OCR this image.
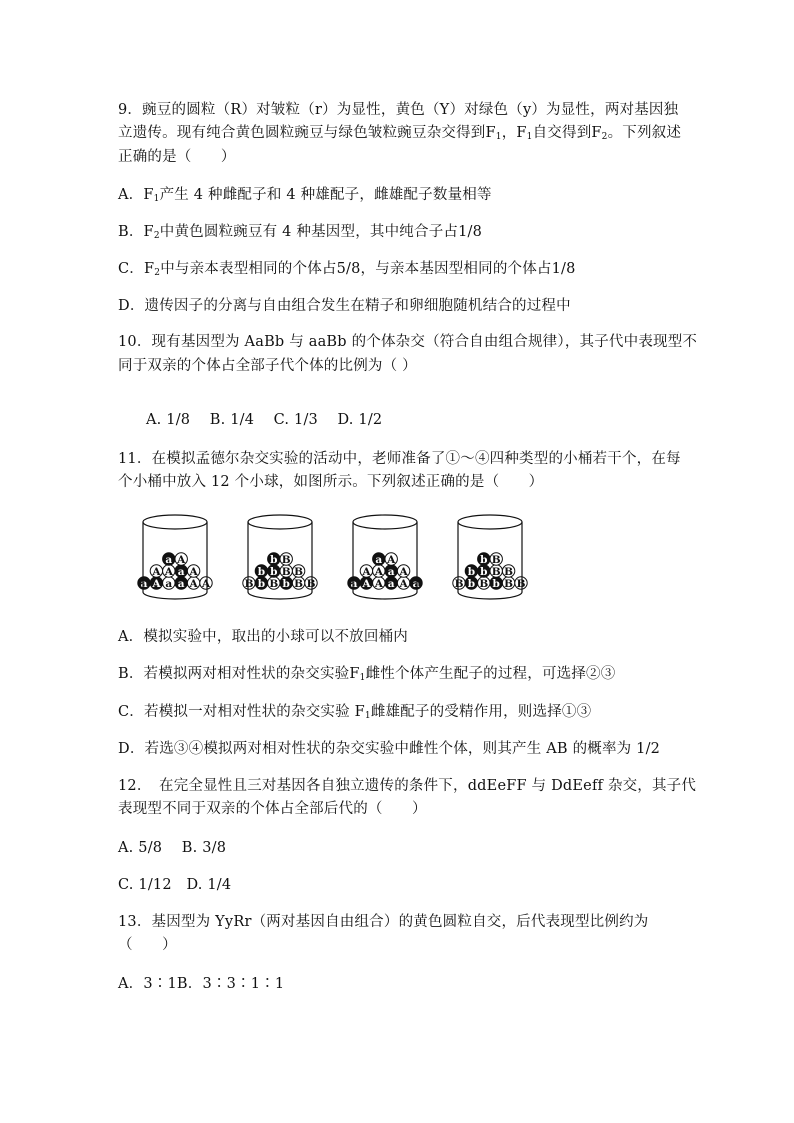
9．豌豆的圆粒（R）对皱粒（r）为显性，黄色（Y）对绿色（y）为显性，两对基因独
立遗传。现有纯合黄色圆粒豌豆与绿色皱粒豌豆杂交得到$F_1$，$F_1$自交得到$F_2$。下列叙述
正确的是（　　）
A．$F_1$产生 4 种雌配子和 4 种雄配子，雌雄配子数量相等
B．$F_2$中黄色圆粒豌豆有 4 种基因型，其中纯合子占1/8
C．$F_2$中与亲本表型相同的个体占5/8，与亲本基因型相同的个体占1/8
D．遗传因子的分离与自由组合发生在精子和卵细胞随机结合的过程中
10．现有基因型为 AaBb 与 aaBb 的个体杂交（符合自由组合规律），其子代中表现型不
同于双亲的个体占全部子代个体的比例为（ ）
A. 1/8　 B. 1/4　 C. 1/3　 D. 1/2
11．在模拟孟德尔杂交实验的活动中，老师准备了①～④四种类型的小桶若干个，在每
个小桶中放入 12 个小球，如图所示。下列叙述正确的是（　　）
a A a a A A
A A a A
a A
B b B b B B
b b B B
b B
a A A a A a
A A a A
a A
B b B b B B
b b B B
b B
A．模拟实验中，取出的小球可以不放回桶内
B．若模拟两对相对性状的杂交实验$F_1$雌性个体产生配子的过程，可选择②③
C．若模拟一对相对性状的杂交实验 $F_1$雌雄配子的受精作用，则选择①③
D．若选③④模拟两对相对性状的杂交实验中雌性个体，则其产生 AB 的概率为 1/2
12．　在完全显性且三对基因各自独立遗传的条件下，ddEeFF 与 DdEeff 杂交，其子代
表现型不同于双亲的个体占全部后代的（　　）
A. 5/8　 B. 3/8
C. 1/12　D. 1/4
13．基因型为 YyRr（两对基因自由组合）的黄色圆粒自交，后代表现型比例约为
（　　）
A．3∶1B．3∶3∶1∶1
